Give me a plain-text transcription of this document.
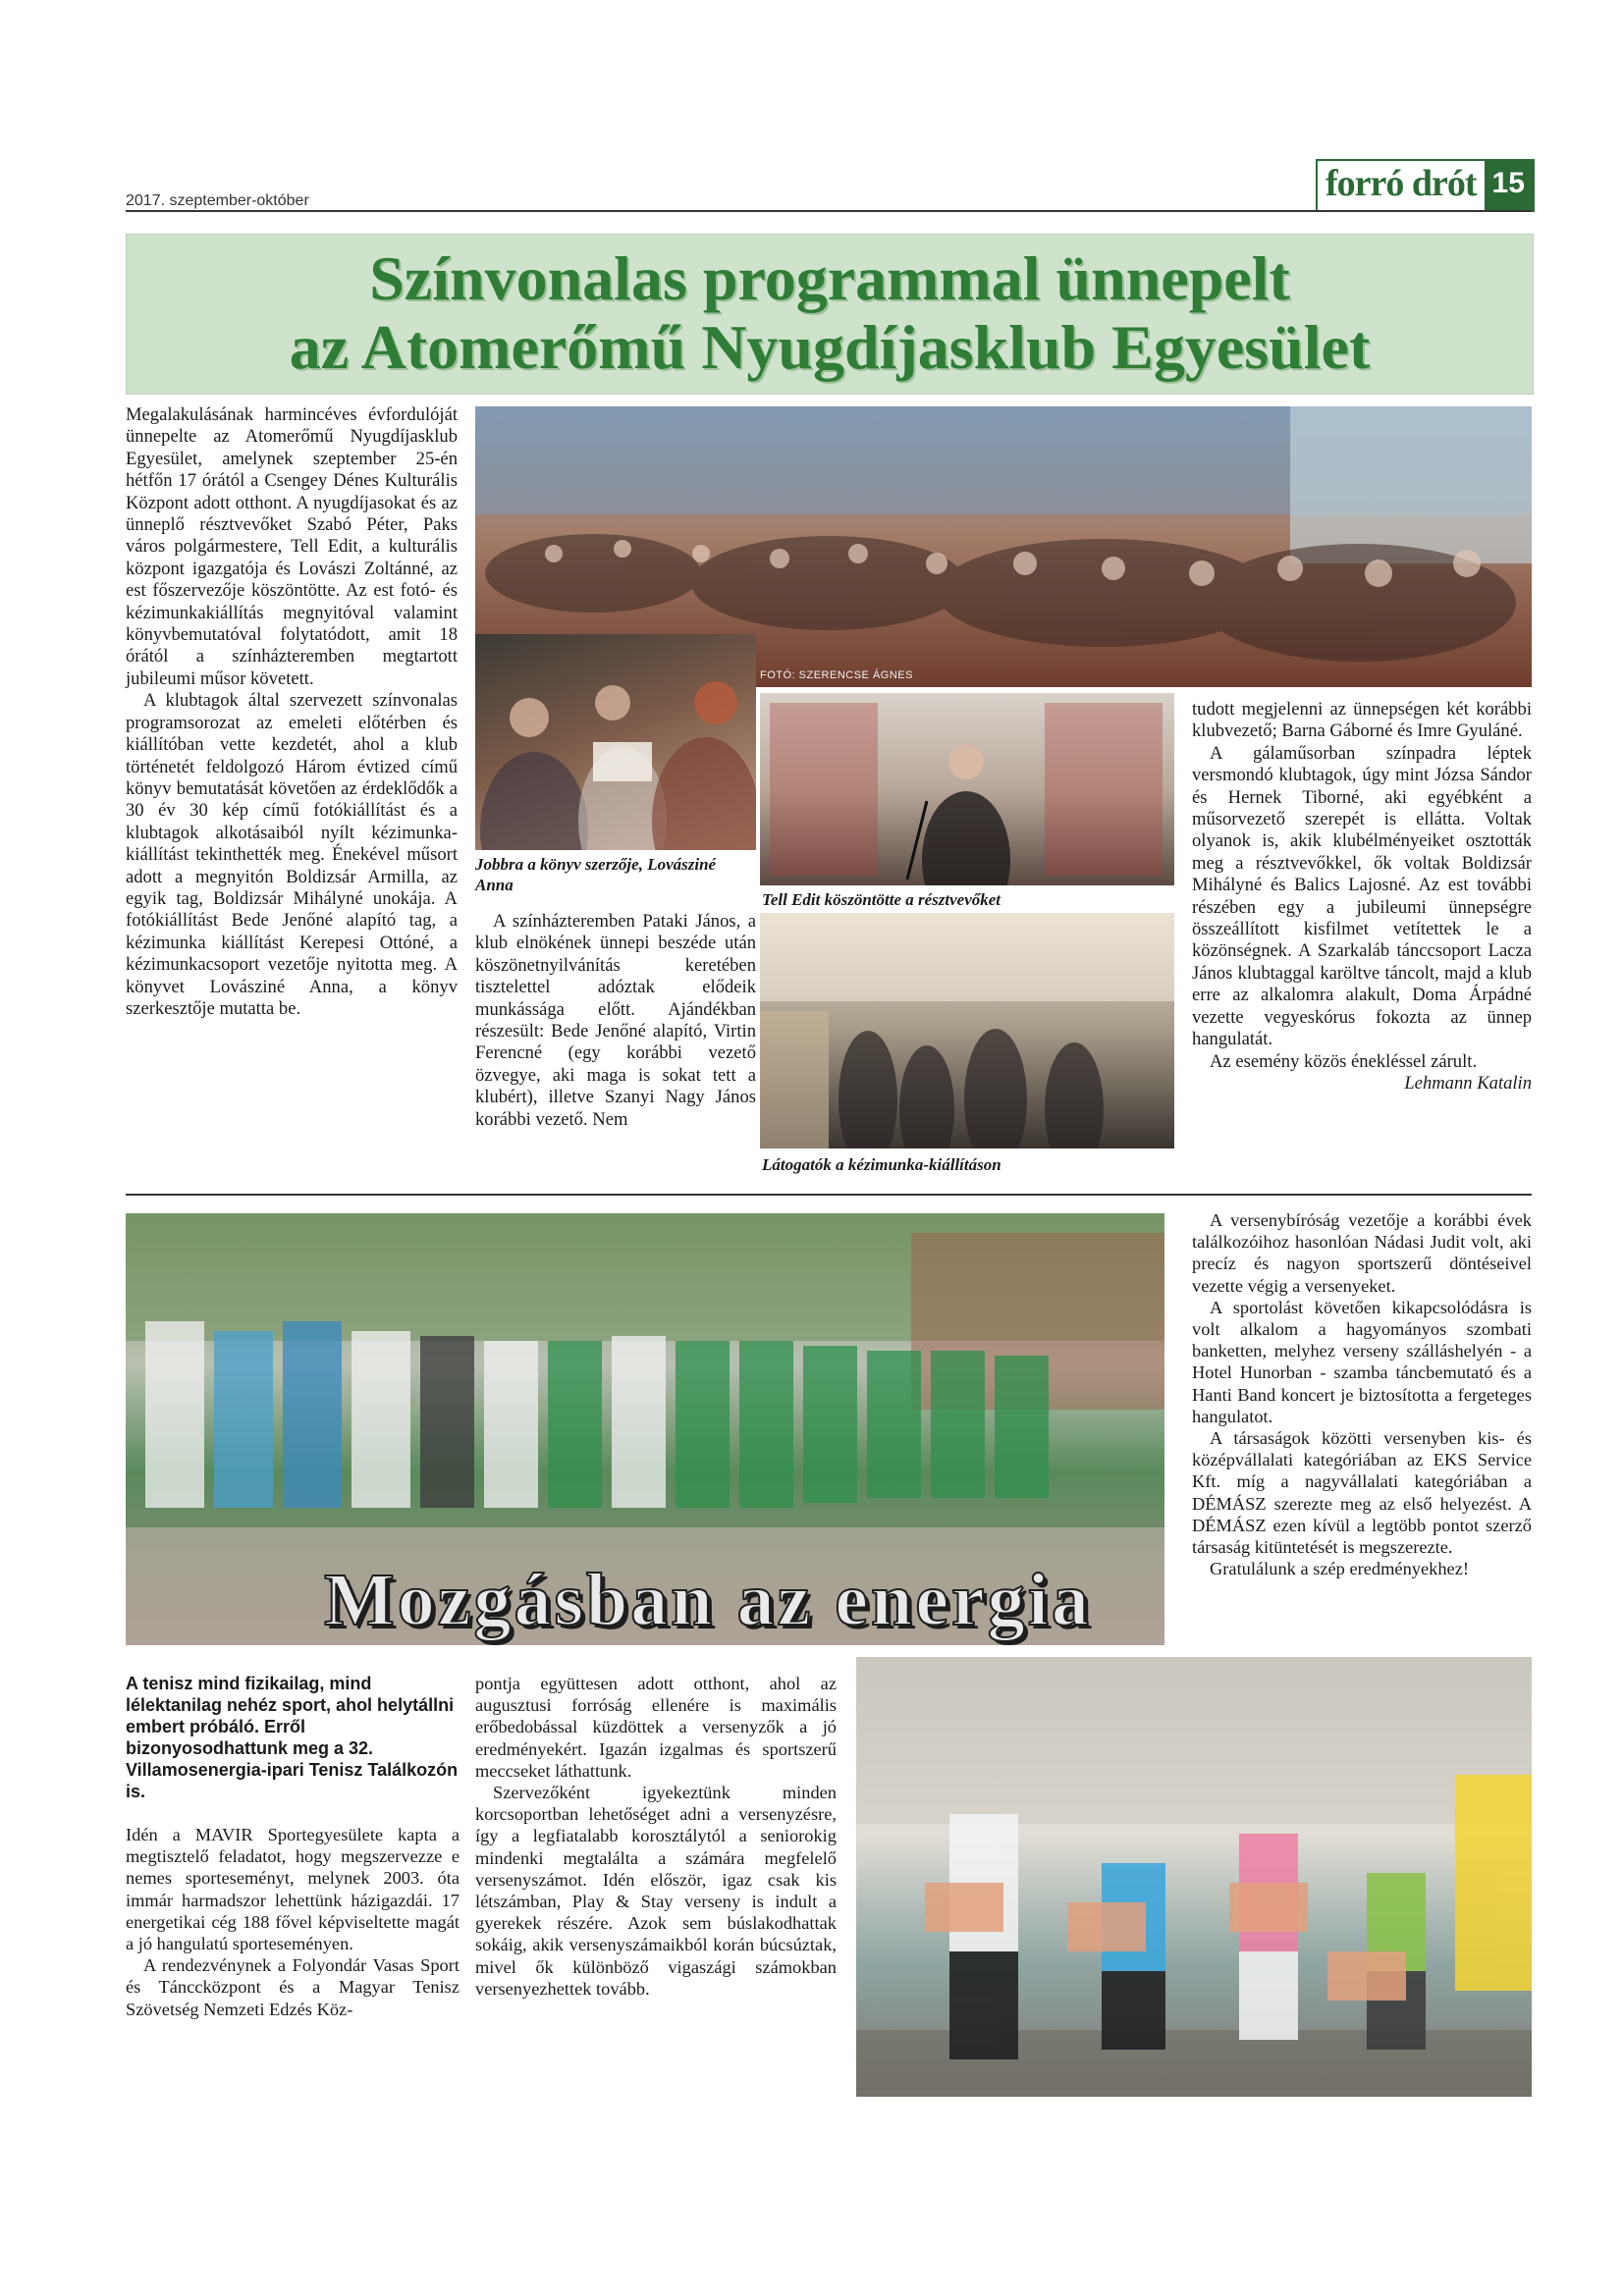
2017. szeptember-október	forró drót 15
Színvonalas programmal ünnepelt
az Atomerőmű Nyugdíjasklub Egyesület

Megalakulásának harmincéves évfordulóját ünnepelte az Atomerőmű Nyugdíjasklub Egyesület, amelynek szeptember 25-én hétfőn 17 órától a Csengey Dénes Kulturális Központ adott otthont. A nyugdíjasokat és az ünneplő résztvevőket Szabó Péter, Paks város polgármestere, Tell Edit, a kulturális központ igazgatója és Lovászi Zoltánné, az est főszervezője köszöntötte. Az est fotó- és kézimunkakiállítás megnyitóval valamint könyvbemutatóval folytatódott, amit 18 órától a színházteremben megtartott jubileumi műsor követett.

A klubtagok által szervezett színvonalas programsorozat az emeleti előtérben és kiállítóban vette kezdetét, ahol a klub történetét feldolgozó Három évtized című könyv bemutatását követően az érdeklődők a 30 év 30 kép című fotókiállítást és a klubtagok alkotásaiból nyílt kézimunka-kiállítást tekinthették meg. Énekével műsort adott a megnyitón Boldizsár Armilla, az egyik tag, Boldizsár Mihályné unokája. A fotókiállítást Bede Jenőné alapító tag, a kézimunka kiállítást Kerepesi Ottóné, a kézimunkacsoport vezetője nyitotta meg. A könyvet Lovásziné Anna, a könyv szerkesztője mutatta be.

FOTÓ: SZERENCSE ÁGNES
Jobbra a könyv szerzője, Lovásziné Anna

A színházteremben Pataki János, a klub elnökének ünnepi beszéde után köszönetnyilvánítás keretében tisztelettel adóztak elődeik munkássága előtt. Ajándékban részesült: Bede Jenőné alapító, Virtin Ferencné (egy korábbi vezető özvegye, aki maga is sokat tett a klubért), illetve Szanyi Nagy János korábbi vezető. Nem

Tell Edit köszöntötte a résztvevőket
Látogatók a kézimunka-kiállításon

tudott megjelenni az ünnepségen két korábbi klubvezető; Barna Gáborné és Imre Gyuláné.

A gálaműsorban színpadra léptek versmondó klubtagok, úgy mint Józsa Sándor és Hernek Tiborné, aki egyébként a műsorvezető szerepét is ellátta. Voltak olyanok is, akik klubélményeiket osztották meg a résztvevőkkel, ők voltak Boldizsár Mihályné és Balics Lajosné. Az est további részében egy a jubileumi ünnepségre összeállított kisfilmet vetítettek le a közönségnek. A Szarkaláb tánccsoport Lacza János klubtaggal karöltve táncolt, majd a klub erre az alkalomra alakult, Doma Árpádné vezette vegyeskórus fokozta az ünnep hangulatát.

Az esemény közös énekléssel zárult.

Lehmann Katalin
Mozgásban az energia

A versenybíróság vezetője a korábbi évek találkozóihoz hasonlóan Nádasi Judit volt, aki precíz és nagyon sportszerű döntéseivel vezette végig a versenyeket.

A sportolást követően kikapcsolódásra is volt alkalom a hagyományos szombati banketten, melyhez verseny szálláshelyén - a Hotel Hunorban - szamba táncbemutató és a Hanti Band koncert je biztosította a fergeteges hangulatot.

A társaságok közötti versenyben kis- és középvállalati kategóriában az EKS Service Kft. míg a nagyvállalati kategóriában a DÉMÁSZ szerezte meg az első helyezést. A DÉMÁSZ ezen kívül a legtöbb pontot szerző társaság kitüntetését is megszerezte.

Gratulálunk a szép eredményekhez!

A tenisz mind fizikailag, mind lélektanilag nehéz sport, ahol helytállni embert próbáló. Erről bizonyosodhattunk meg a 32. Villamosenergia-ipari Tenisz Találkozón is.

Idén a MAVIR Sportegyesülete kapta a megtisztelő feladatot, hogy megszervezze e nemes sporteseményt, melynek 2003. óta immár harmadszor lehettünk házigazdái. 17 energetikai cég 188 fővel képviseltette magát a jó hangulatú sporteseményen.

A rendezvénynek a Folyondár Vasas Sport és Tánccközpont és a Magyar Tenisz Szövetség Nemzeti Edzés Köz-

pontja együttesen adott otthont, ahol az augusztusi forróság ellenére is maximális erőbedobással küzdöttek a versenyzők a jó eredményekért. Igazán izgalmas és sportszerű meccseket láthattunk.

Szervezőként igyekeztünk minden korcsoportban lehetőséget adni a versenyzésre, így a legfiatalabb korosztálytól a seniorokig mindenki megtalálta a számára megfelelő versenyszámot. Idén először, igaz csak kis létszámban, Play & Stay verseny is indult a gyerekek részére. Azok sem búslakodhattak sokáig, akik versenyszámaikból korán búcsúztak, mivel ők különböző vigaszági számokban versenyezhettek tovább.
